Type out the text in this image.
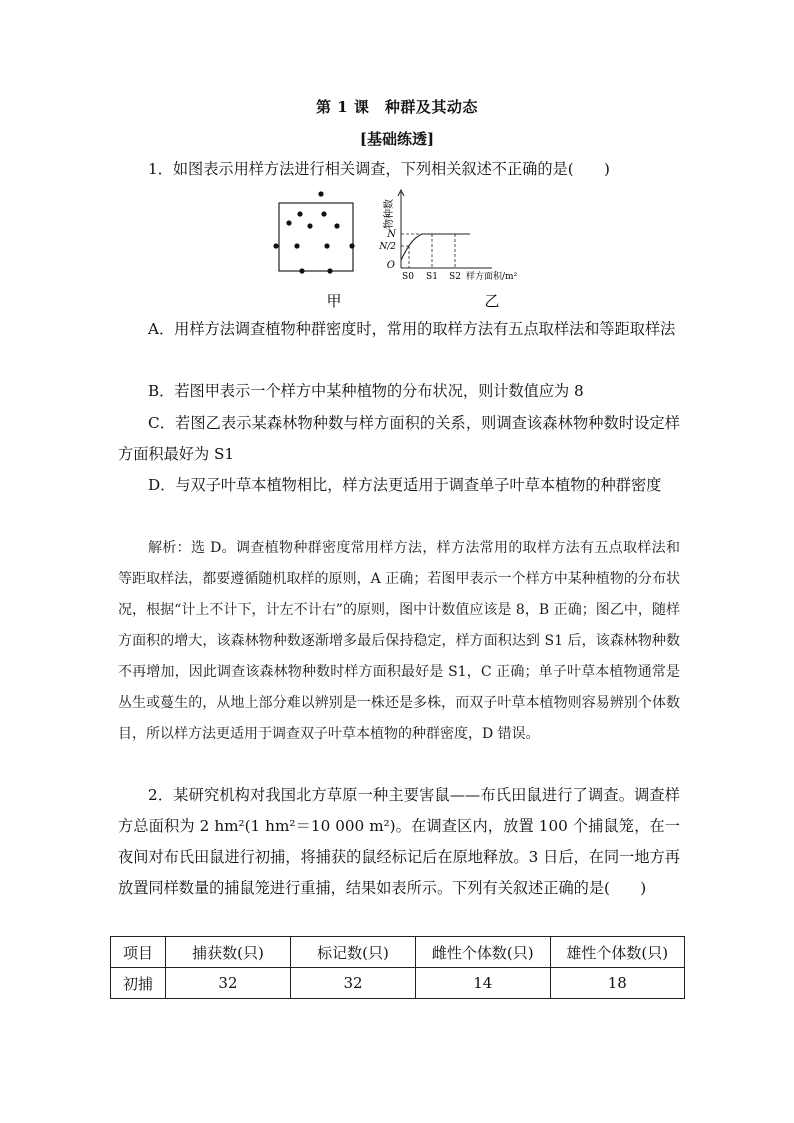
第 1 课　种群及其动态
[基础练透]
1．如图表示用样方法进行相关调查，下列相关叙述不正确的是(　　)
甲
物种数
N
N/2
O
S0 S1 S2 样方面积/m²
乙
A．用样方法调查植物种群密度时，常用的取样方法有五点取样法和等距取样法
B．若图甲表示一个样方中某种植物的分布状况，则计数值应为 8
C．若图乙表示某森林物种数与样方面积的关系，则调查该森林物种数时设定样方面积最好为 S1
D．与双子叶草本植物相比，样方法更适用于调查单子叶草本植物的种群密度
解析：选 D。调查植物种群密度常用样方法，样方法常用的取样方法有五点取样法和等距取样法，都要遵循随机取样的原则，A 正确；若图甲表示一个样方中某种植物的分布状况，根据“计上不计下，计左不计右”的原则，图中计数值应该是 8，B 正确；图乙中，随样方面积的增大，该森林物种数逐渐增多最后保持稳定，样方面积达到 S1 后，该森林物种数不再增加，因此调查该森林物种数时样方面积最好是 S1，C 正确；单子叶草本植物通常是丛生或蔓生的，从地上部分难以辨别是一株还是多株，而双子叶草本植物则容易辨别个体数目，所以样方法更适用于调查双子叶草本植物的种群密度，D 错误。
2．某研究机构对我国北方草原一种主要害鼠——布氏田鼠进行了调查。调查样方总面积为 2 hm²(1 hm²＝10 000 m²)。在调查区内，放置 100 个捕鼠笼，在一夜间对布氏田鼠进行初捕，将捕获的鼠经标记后在原地释放。3 日后，在同一地方再放置同样数量的捕鼠笼进行重捕，结果如表所示。下列有关叙述正确的是(　　)
项目	捕获数(只)	标记数(只)	雌性个体数(只)	雄性个体数(只)
初捕	32	32	14	18
